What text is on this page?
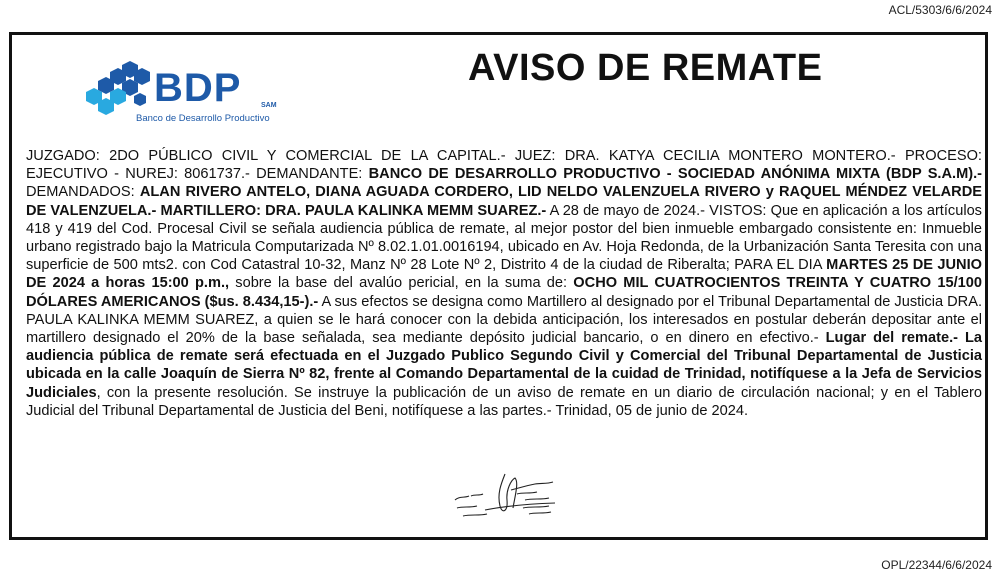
ACL/5303/6/6/2024
BDP	SAM
Banco de Desarrollo Productivo
AVISO DE REMATE

JUZGADO: 2DO PÚBLICO CIVIL Y COMERCIAL DE LA CAPITAL.- JUEZ: DRA. KATYA CECILIA MONTERO MONTERO.- PROCESO: EJECUTIVO - NUREJ: 8061737.- DEMANDANTE: BANCO DE DESARROLLO PRODUCTIVO - SOCIEDAD ANÓNIMA MIXTA (BDP S.A.M).- DEMANDADOS: ALAN RIVERO ANTELO, DIANA AGUADA CORDERO, LID NELDO VALENZUELA RIVERO y RAQUEL MÉNDEZ VELARDE DE VALENZUELA.- MARTILLERO: DRA. PAULA KALINKA MEMM SUAREZ.- A 28 de mayo de 2024.- VISTOS: Que en aplicación a los artículos 418 y 419 del Cod. Procesal Civil se señala audiencia pública de remate, al mejor postor del bien inmueble embargado consistente en: Inmueble urbano registrado bajo la Matricula Computarizada Nº 8.02.1.01.0016194, ubicado en Av. Hoja Redonda, de la Urbanización Santa Teresita con una superficie de 500 mts2. con Cod Catastral 10-32, Manz Nº 28 Lote Nº 2, Distrito 4 de la ciudad de Riberalta; PARA EL DIA MARTES 25 DE JUNIO DE 2024 a horas 15:00 p.m., sobre la base del avalúo pericial, en la suma de: OCHO MIL CUATROCIENTOS TREINTA Y CUATRO 15/100 DÓLARES AMERICANOS ($us. 8.434,15-).- A sus efectos se designa como Martillero al designado por el Tribunal Departamental de Justicia DRA. PAULA KALINKA MEMM SUAREZ, a quien se le hará conocer con la debida anticipación, los interesados en postular deberán depositar ante el martillero designado el 20% de la base señalada, sea mediante depósito judicial bancario, o en dinero en efectivo.- Lugar del remate.- La audiencia pública de remate será efectuada en el Juzgado Publico Segundo Civil y Comercial del Tribunal Departamental de Justicia ubicada en la calle Joaquín de Sierra Nº 82, frente al Comando Departamental de la cuidad de Trinidad, notifíquese a la Jefa de Servicios Judiciales, con la presente resolución. Se instruye la publicación de un aviso de remate en un diario de circulación nacional; y en el Tablero Judicial del Tribunal Departamental de Justicia del Beni, notifíquese a las partes.- Trinidad, 05 de junio de 2024.

OPL/22344/6/6/2024
